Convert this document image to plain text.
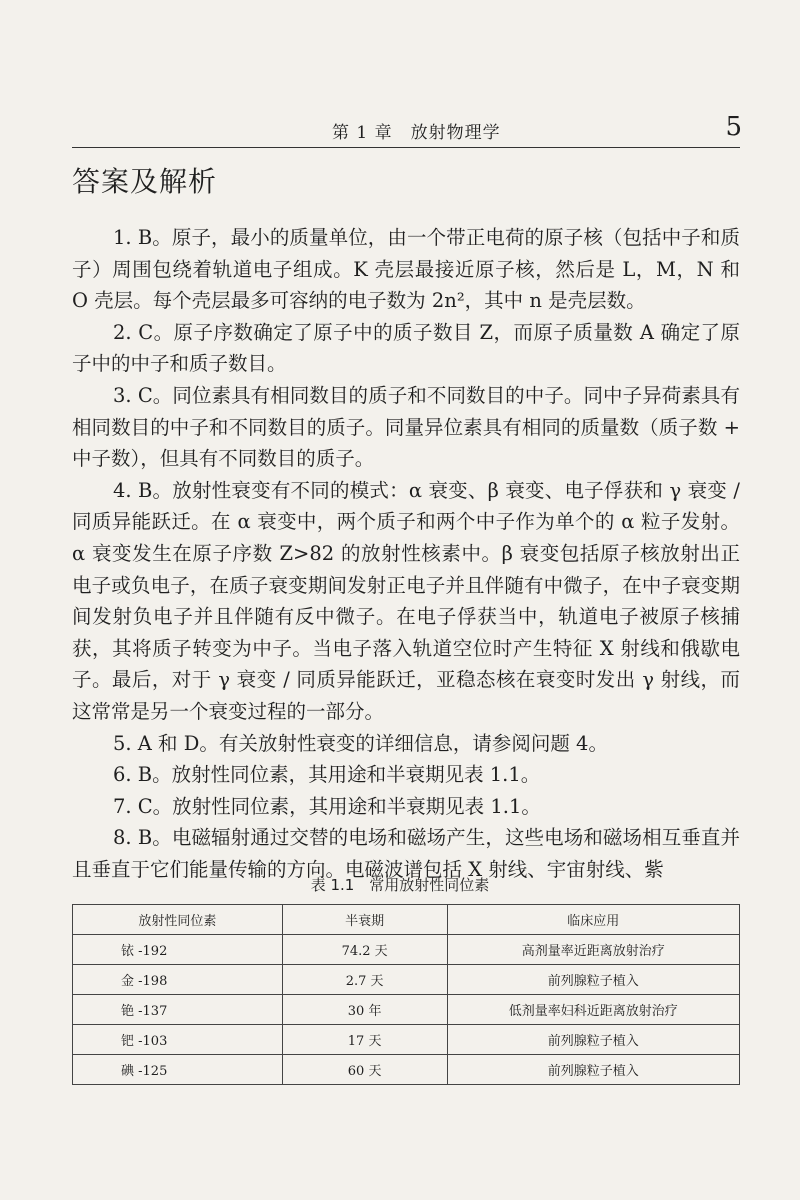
第 1 章　放射物理学	5
答案及解析

1. B。原子，最小的质量单位，由一个带正电荷的原子核（包括中子和质子）周围包绕着轨道电子组成。K 壳层最接近原子核，然后是 L，M，N 和 O 壳层。每个壳层最多可容纳的电子数为 2n²，其中 n 是壳层数。

2. C。原子序数确定了原子中的质子数目 Z，而原子质量数 A 确定了原子中的中子和质子数目。

3. C。同位素具有相同数目的质子和不同数目的中子。同中子异荷素具有相同数目的中子和不同数目的质子。同量异位素具有相同的质量数（质子数 + 中子数），但具有不同数目的质子。

4. B。放射性衰变有不同的模式：α 衰变、β 衰变、电子俘获和 γ 衰变 / 同质异能跃迁。在 α 衰变中，两个质子和两个中子作为单个的 α 粒子发射。α 衰变发生在原子序数 Z>82 的放射性核素中。β 衰变包括原子核放射出正电子或负电子，在质子衰变期间发射正电子并且伴随有中微子，在中子衰变期间发射负电子并且伴随有反中微子。在电子俘获当中，轨道电子被原子核捕获，其将质子转变为中子。当电子落入轨道空位时产生特征 X 射线和俄歇电子。最后，对于 γ 衰变 / 同质异能跃迁，亚稳态核在衰变时发出 γ 射线，而这常常是另一个衰变过程的一部分。

5. A 和 D。有关放射性衰变的详细信息，请参阅问题 4。

6. B。放射性同位素，其用途和半衰期见表 1.1。

7. C。放射性同位素，其用途和半衰期见表 1.1。

8. B。电磁辐射通过交替的电场和磁场产生，这些电场和磁场相互垂直并且垂直于它们能量传输的方向。电磁波谱包括 X 射线、宇宙射线、紫

表 1.1　常用放射性同位素
放射性同位素	半衰期	临床应用
铱 -192	74.2 天	高剂量率近距离放射治疗
金 -198	2.7 天	前列腺粒子植入
铯 -137	30 年	低剂量率妇科近距离放射治疗
钯 -103	17 天	前列腺粒子植入
碘 -125	60 天	前列腺粒子植入
